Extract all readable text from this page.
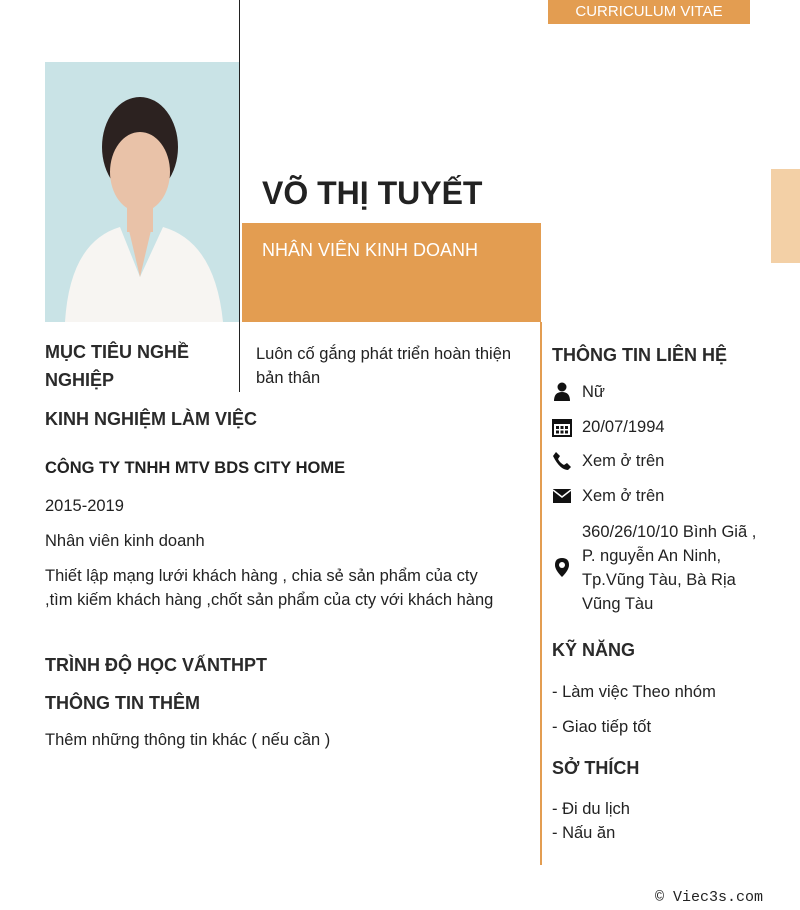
CURRICULUM VITAE
VÕ THỊ TUYẾT
NHÂN VIÊN KINH DOANH
MỤC TIÊU NGHỀ NGHIỆP
Luôn cố gắng phát triển hoàn thiện bản thân
KINH NGHIỆM LÀM VIỆC
CÔNG TY TNHH MTV BDS CITY HOME
2015-2019
Nhân viên kinh doanh
Thiết lập mạng lưới khách hàng , chia sẻ sản phẩm của cty ,tìm kiếm khách hàng ,chốt sản phẩm của cty với khách hàng
TRÌNH ĐỘ HỌC VẤNTHPT
THÔNG TIN THÊM
Thêm những thông tin khác ( nếu cần )
THÔNG TIN LIÊN HỆ
Nữ
20/07/1994
Xem ở trên
Xem ở trên
360/26/10/10 Bình Giã , P. nguyễn An Ninh, Tp.Vũng Tàu, Bà Rịa Vũng Tàu
KỸ NĂNG
- Làm việc Theo nhóm
- Giao tiếp tốt
SỞ THÍCH
- Đi du lịch
- Nấu ăn
© Viec3s.com
